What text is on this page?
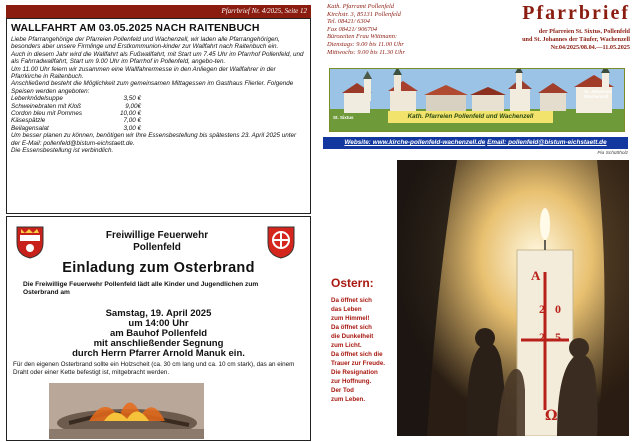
Pfarrbrief Nr. 4/2025, Seite 12
WALLFAHRT AM 03.05.2025 NACH RAITENBUCH

Liebe Pfarrangehörige der Pfarreien Pollenfeld und Wachenzell, wir laden alle Pfarrangehörigen, besonders aber unsere Firmlinge und Erstkommunion-kinder zur Wallfahrt nach Raitenbuch ein.

Auch in diesem Jahr wird die Wallfahrt als Fußwallfahrt, mit Start um 7.45 Uhr im Pfarrhof Pollenfeld, und als Fahrradwallfahrt, Start um 9.00 Uhr im Pfarrhof in Pollenfeld, angebo-ten.

Um 11.00 Uhr feiern wir zusammen eine Wallfahrermesse in den Anliegen der Wallfahrer in der Pfarrkirche in Raitenbuch.

Anschließend besteht die Möglichkeit zum gemeinsamen Mittagessen im Gasthaus Flierler. Folgende Speisen werden angeboten:

Leberknödelsuppe	3,50 €
Schweinebraten mit Kloß	9,00€
Cordon bleu mit Pommes	10,00 €
Käsespätzle	7,00 €
Beilagensalat	3,00 €

Um besser planen zu können, benötigen wir Ihre Essensbestellung bis spätestens 23. April 2025 unter der E-Mail: pollenfeld@bistum-eichstaett.de.

Die Essensbestellung ist verbindlich.

Freiwillige Feuerwehr
Pollenfeld
Einladung zum Osterbrand
Die Freiwillige Feuerwehr Pollenfeld lädt alle Kinder und Jugendlichen zum Osterbrand am
Samstag, 19. April 2025
um 14:00 Uhr
am Bauhof Pollenfeld
mit anschließender Segnung
durch Herrn Pfarrer Arnold Manuk ein.
Für den eigenen Osterbrand sollte ein Holzscheit (ca. 30 cm lang und ca. 10 cm stark), das an einem Draht oder einer Kette befestigt ist, mitgebracht werden.
Kath. Pfarramt Pollenfeld
Kirchstr. 3, 85131 Pollenfeld
Tel. 08421/ 6304
Fax 08421/ 906704
Bürozeiten Frau Wittmann:
Dienstags: 9.00 bis 11.00 Uhr
Mittwochs: 9.00 bis 11.30 Uhr
Pfarrbrief
der Pfarreien St. Sixtus, Pollenfeld
und St. Johannes der Täufer, Wachenzell
Nr.04/2025/08.04.—11.05.2025
St. Sixtus
St. Johannes Wachenzell
Kath. Pfarreien Pollenfeld und Wachenzell
Website: www.kirche-pollenfeld-wachenzell.de Email: pollenfeld@bistum-eichstaett.de
Pia Schüttholz
Ostern:
Da öffnet sich
das Leben
zum Himmel!
Da öffnet sich
die Dunkelheit
zum Licht.
Da öffnet sich die
Trauer zur Freude.
Die Resignation
zur Hoffnung.
Der Tod
zum Leben.
A
20
25
Ω
